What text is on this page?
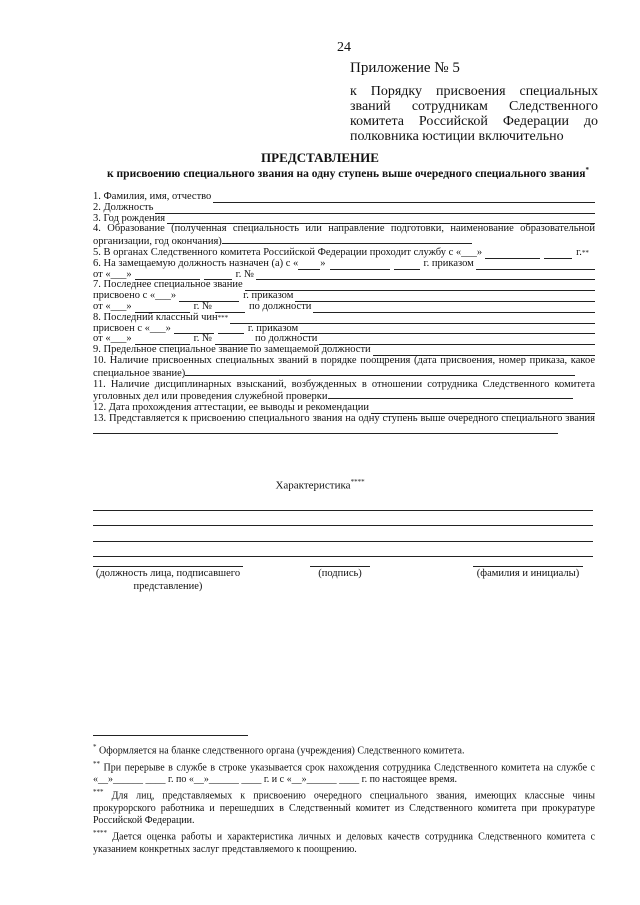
24
Приложение № 5
к Порядку присвоения специальных званий сотрудникам Следственного комитета Российской Федерации до полковника юстиции включительно
ПРЕДСТАВЛЕНИЕ
к присвоению специального звания на одну ступень выше очередного специального звания*
1. Фамилия, имя, отчество
2. Должность
3. Год рождения
4. Образование (полученная специальность или направление подготовки, наименование образовательной организации, год окончания)
5. В органах Следственного комитета Российской Федерации проходит службу с «___»	г. **
6. На замещаемую должность назначен (а) с « »	г. приказом
от «___»	г. №
7. Последнее специальное звание
присвоено с «___»	г. приказом
от «___»	г. №	по должности
8. Последний классный чин ***
присвоен с «___»	г. приказом
от «___»	г. №	по должности
9. Предельное специальное звание по замещаемой должности
10. Наличие присвоенных специальных званий в порядке поощрения (дата присвоения, номер приказа, какое специальное звание)
11. Наличие дисциплинарных взысканий, возбужденных в отношении сотрудника Следственного комитета уголовных дел или проведения служебной проверки
12. Дата прохождения аттестации, ее выводы и рекомендации
13. Представляется к присвоению специального звания на одну ступень выше очередного специального звания
Характеристика****
(должность лица, подписавшего представление)
(подпись)	(фамилия и инициалы)

* Оформляется на бланке следственного органа (учреждения) Следственного комитета.

** При перерыве в службе в строке указывается срок нахождения сотрудника Следственного комитета на службе с «__»______ ____ г. по «__»______ ____ г. и с «__»______ ____ г. по настоящее время.

*** Для лиц, представляемых к присвоению очередного специального звания, имеющих классные чины прокурорского работника и перешедших в Следственный комитет из Следственного комитета при прокуратуре Российской Федерации.

**** Дается оценка работы и характеристика личных и деловых качеств сотрудника Следственного комитета с указанием конкретных заслуг представляемого к поощрению.
